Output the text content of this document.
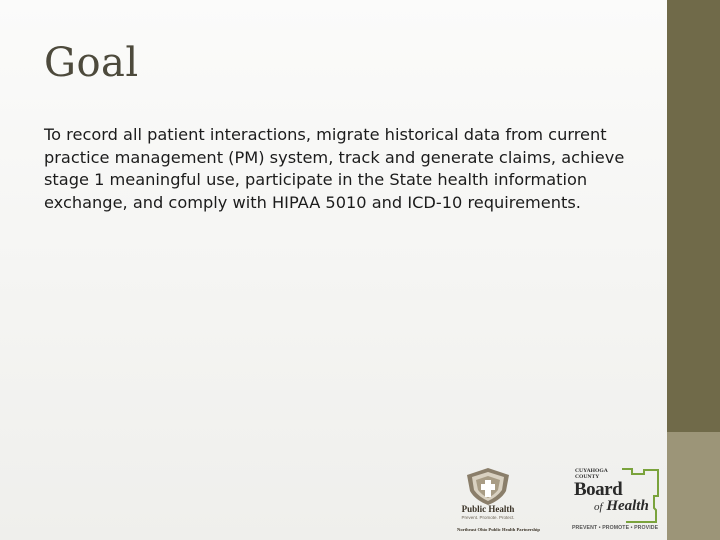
Goal

To record all patient interactions, migrate historical data from current practice management (PM) system, track and generate claims, achieve stage 1 meaningful use, participate in the State health information exchange, and comply with HIPAA 5010 and ICD-10 requirements.

Public Health
Prevent. Promote. Protect.
Northeast Ohio Public Health Partnership
CUYAHOGA
COUNTY
Board
of Health
PREVENT • PROMOTE • PROVIDE
